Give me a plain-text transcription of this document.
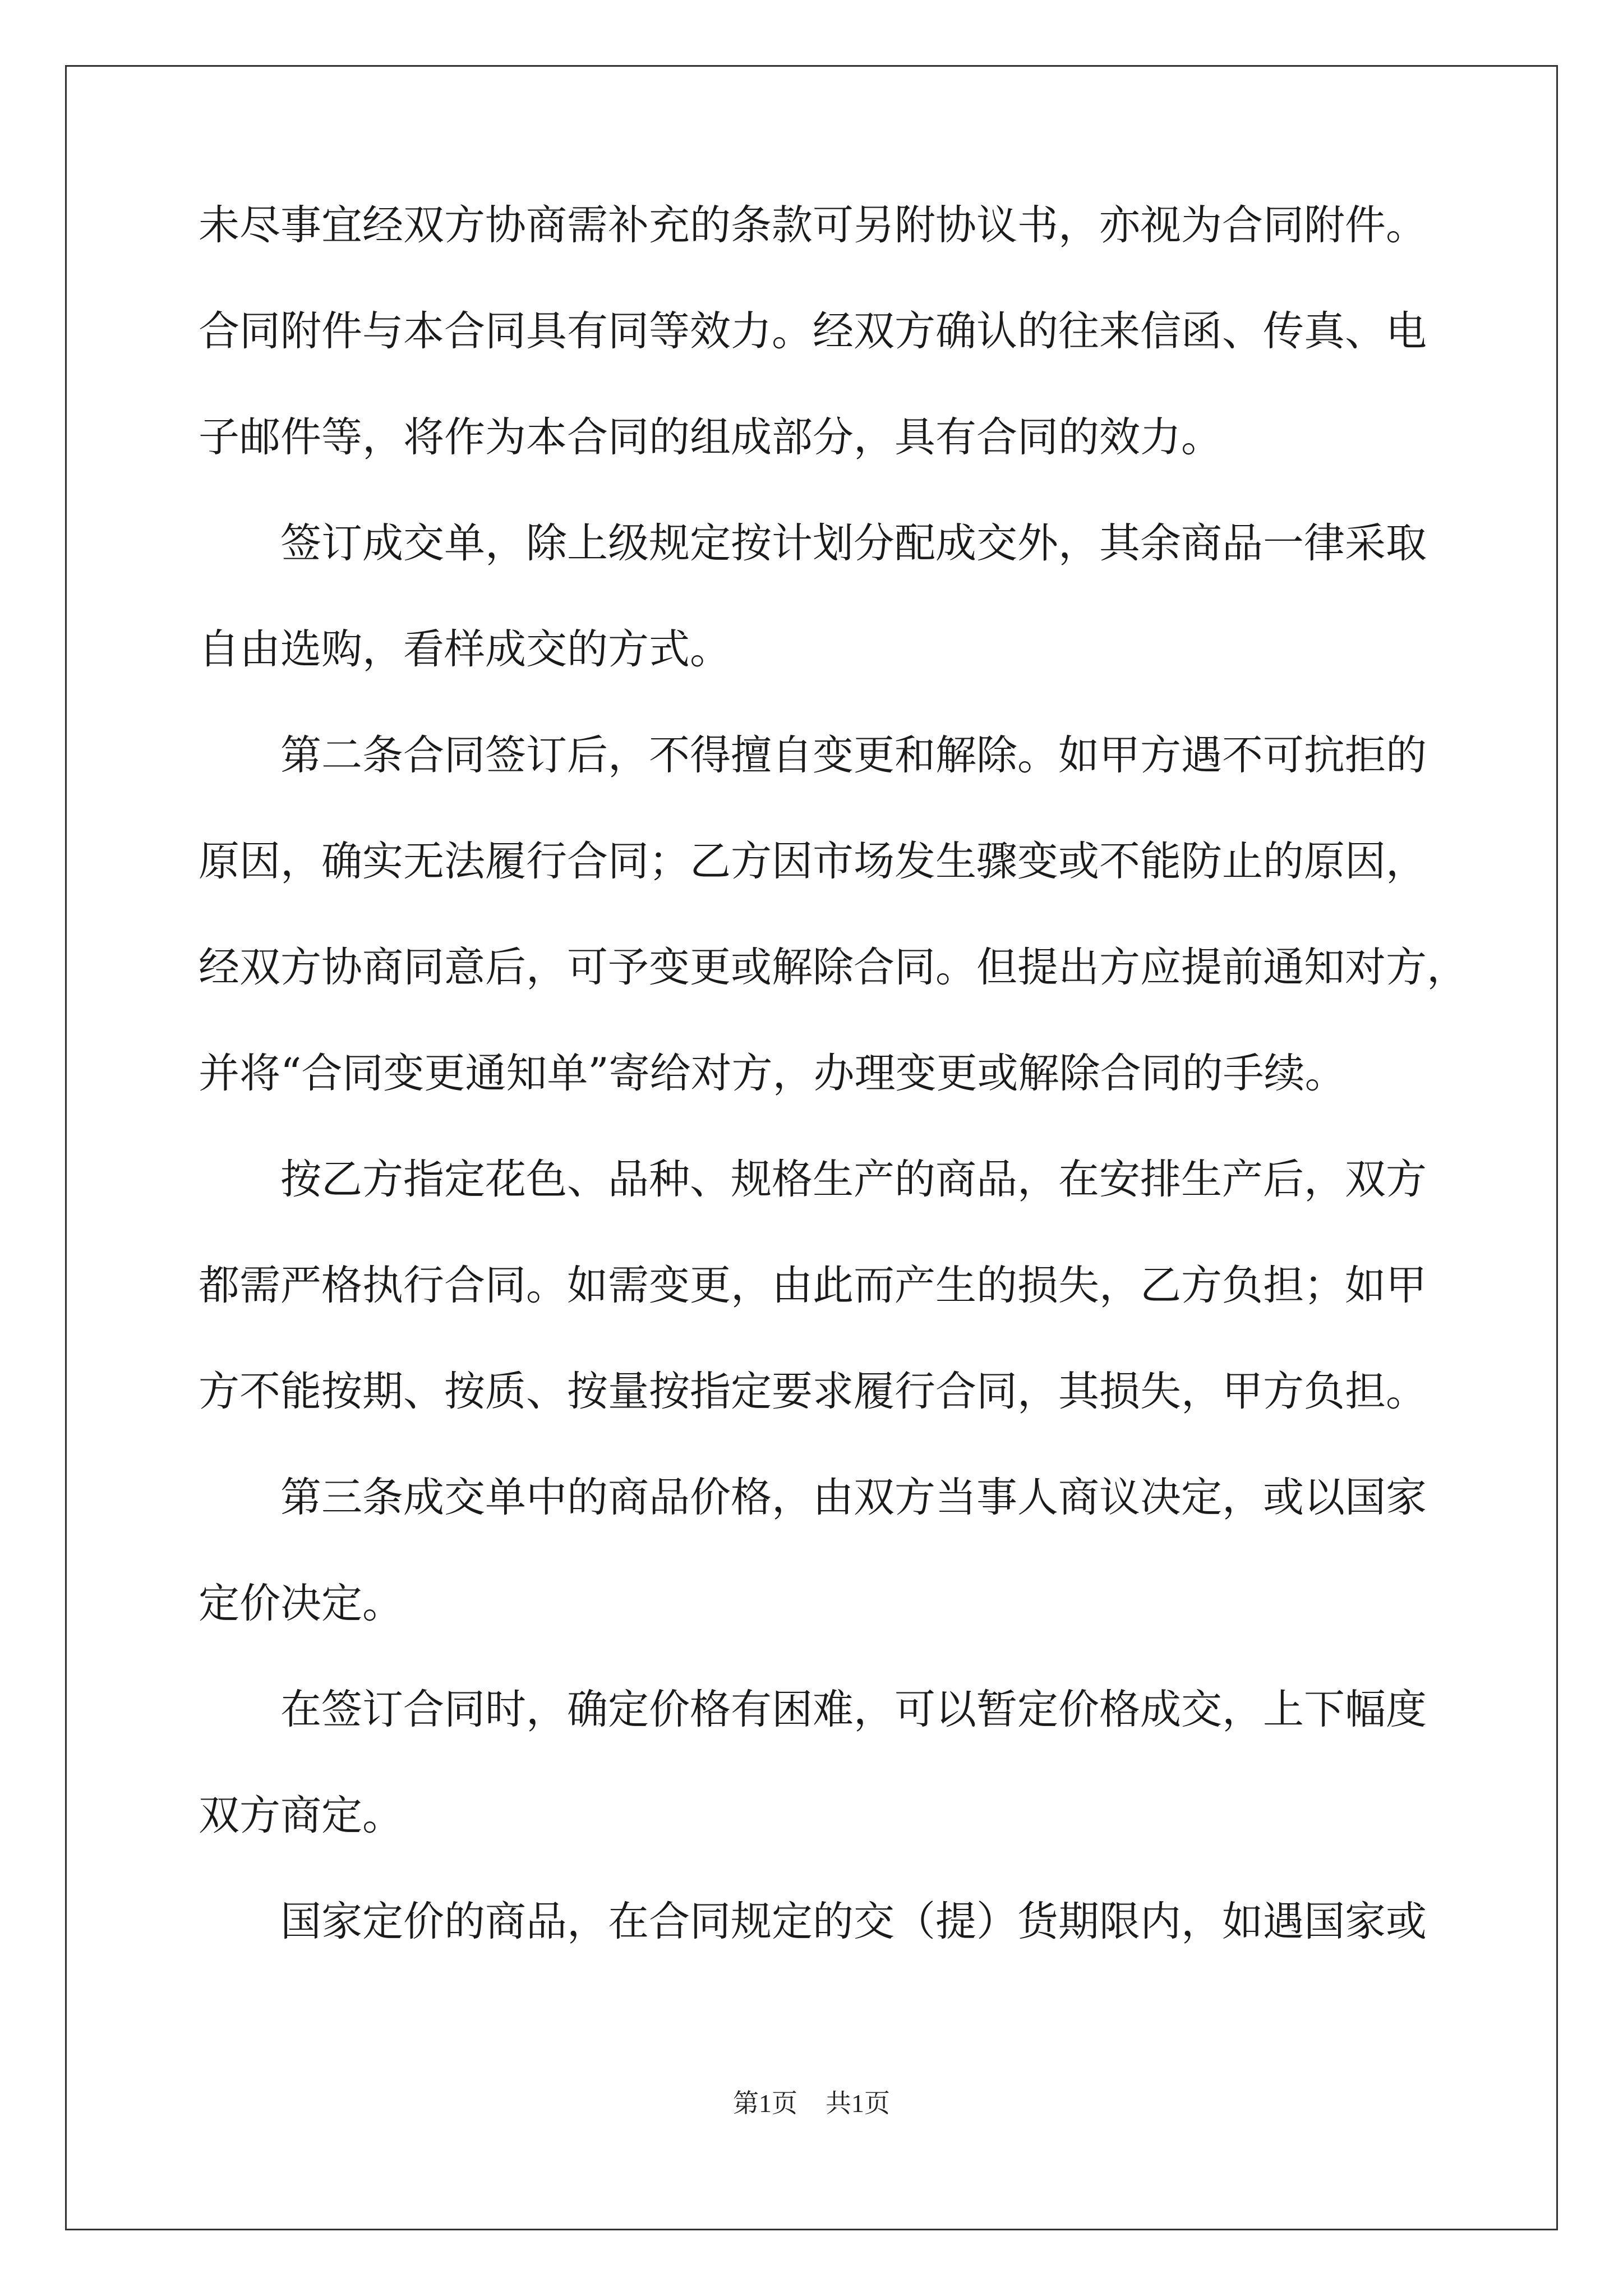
未尽事宜经双方协商需补充的条款可另附协议书，亦视为合同附件。
合同附件与本合同具有同等效力。经双方确认的往来信函、传真、电
子邮件等，将作为本合同的组成部分，具有合同的效力。
签订成交单，除上级规定按计划分配成交外，其余商品一律采取
自由选购，看样成交的方式。
第二条合同签订后，不得擅自变更和解除。如甲方遇不可抗拒的
原因，确实无法履行合同；乙方因市场发生骤变或不能防止的原因，
经双方协商同意后，可予变更或解除合同。但提出方应提前通知对方，
并将“合同变更通知单”寄给对方，办理变更或解除合同的手续。
按乙方指定花色、品种、规格生产的商品，在安排生产后，双方
都需严格执行合同。如需变更，由此而产生的损失，乙方负担；如甲
方不能按期、按质、按量按指定要求履行合同，其损失，甲方负担。
第三条成交单中的商品价格，由双方当事人商议决定，或以国家
定价决定。
在签订合同时，确定价格有困难，可以暂定价格成交，上下幅度
双方商定。
国家定价的商品，在合同规定的交（提）货期限内，如遇国家或
第1页 共1页
